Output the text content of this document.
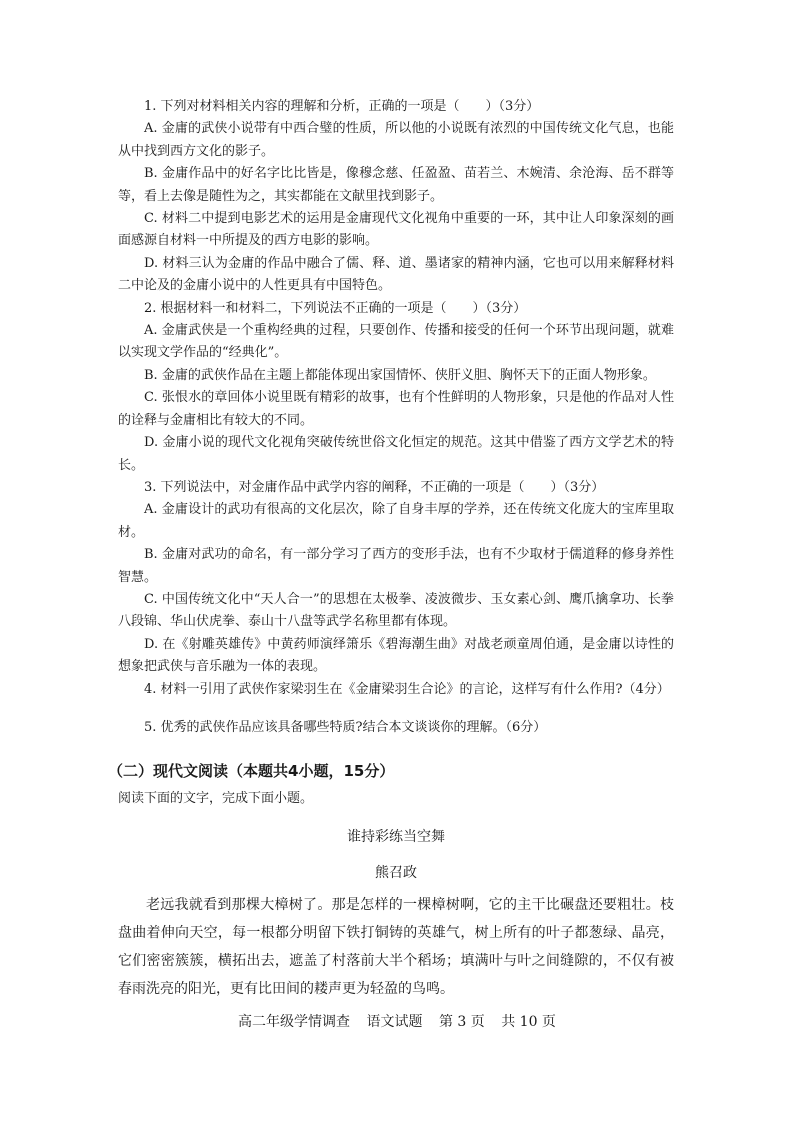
1. 下列对材料相关内容的理解和分析，正确的一项是（　　）（3分）

A. 金庸的武侠小说带有中西合璧的性质，所以他的小说既有浓烈的中国传统文化气息，也能从中找到西方文化的影子。

B. 金庸作品中的好名字比比皆是，像穆念慈、任盈盈、苗若兰、木婉清、余沧海、岳不群等等，看上去像是随性为之，其实都能在文献里找到影子。

C. 材料二中提到电影艺术的运用是金庸现代文化视角中重要的一环，其中让人印象深刻的画面感源自材料一中所提及的西方电影的影响。

D. 材料三认为金庸的作品中融合了儒、释、道、墨诸家的精神内涵，它也可以用来解释材料二中论及的金庸小说中的人性更具有中国特色。

2. 根据材料一和材料二，下列说法不正确的一项是（　　）（3分）

A. 金庸武侠是一个重构经典的过程，只要创作、传播和接受的任何一个环节出现问题，就难以实现文学作品的“经典化”。

B. 金庸的武侠作品在主题上都能体现出家国情怀、侠肝义胆、胸怀天下的正面人物形象。

C. 张恨水的章回体小说里既有精彩的故事，也有个性鲜明的人物形象，只是他的作品对人性的诠释与金庸相比有较大的不同。

D. 金庸小说的现代文化视角突破传统世俗文化恒定的规范。这其中借鉴了西方文学艺术的特长。

3. 下列说法中，对金庸作品中武学内容的阐释，不正确的一项是（　　）（3分）

A. 金庸设计的武功有很高的文化层次，除了自身丰厚的学养，还在传统文化庞大的宝库里取材。

B. 金庸对武功的命名，有一部分学习了西方的变形手法，也有不少取材于儒道释的修身养性智慧。

C. 中国传统文化中“天人合一”的思想在太极拳、凌波微步、玉女素心剑、鹰爪擒拿功、长拳八段锦、华山伏虎拳、泰山十八盘等武学名称里都有体现。

D. 在《射雕英雄传》中黄药师演绎箫乐《碧海潮生曲》对战老顽童周伯通，是金庸以诗性的想象把武侠与音乐融为一体的表现。

4. 材料一引用了武侠作家梁羽生在《金庸梁羽生合论》的言论，这样写有什么作用?（4分）

5. 优秀的武侠作品应该具备哪些特质?结合本文谈谈你的理解。（6分）

（二）现代文阅读（本题共4小题，15分）

阅读下面的文字，完成下面小题。

谁持彩练当空舞

熊召政

老远我就看到那棵大樟树了。那是怎样的一棵樟树啊，它的主干比碾盘还要粗壮。枝盘曲着伸向天空，每一根都分明留下铁打铜铸的英雄气，树上所有的叶子都葱绿、晶亮，它们密密簇簇，横拓出去，遮盖了村落前大半个稻场；填满叶与叶之间缝隙的，不仅有被春雨洗亮的阳光，更有比田间的耧声更为轻盈的鸟鸣。

高二年级学情调查 语文试题 第 3 页 共 10 页
